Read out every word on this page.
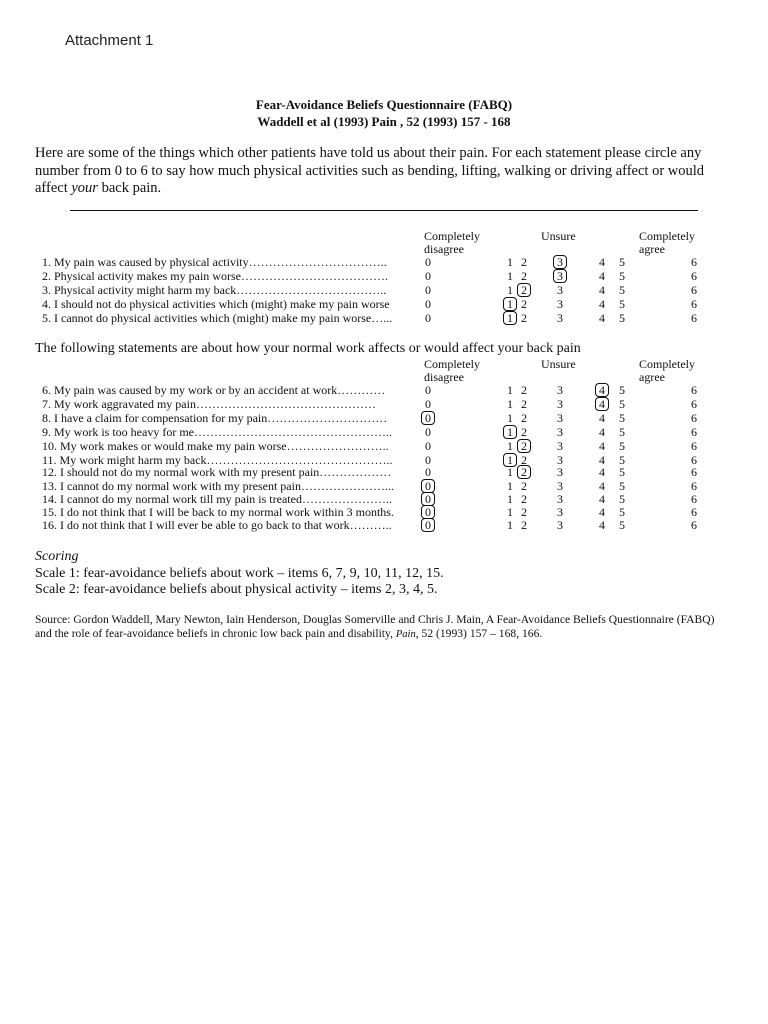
Attachment 1
Fear-Avoidance Beliefs Questionnaire (FABQ)
Waddell et al (1993) Pain , 52 (1993) 157 - 168
Here are some of the things which other patients have told us about their pain. For each statement please circle any number from 0 to 6 to say how much physical activities such as bending, lifting, walking or driving affect or would affect your back pain.
Completely
disagree
Unsure	Completely
agree
1. My pain was caused by physical activity……………………………..	0	1 2	3	4 5	6
2. Physical activity makes my pain worse……………………………….	0	1 2	3	4 5	6
3. Physical activity might harm my back………………………………..	0	1 2	3	4 5	6
4. I should not do physical activities which (might) make my pain worse	0	1 2	3	4 5	6
5. I cannot do physical activities which (might) make my pain worse…...	0	1 2	3	4 5	6
The following statements are about how your normal work affects or would affect your back pain
Completely
disagree
Unsure	Completely
agree
6. My pain was caused by my work or by an accident at work…………	0	1 2	3	4 5	6
7. My work aggravated my pain………………………………………	0	1 2	3	4 5	6
8. I have a claim for compensation for my pain…………………………	0	1 2	3	4 5	6
9. My work is too heavy for me…………………………………………..	0	1 2	3	4 5	6
10. My work makes or would make my pain worse……………………..	0	1 2	3	4 5	6
11. My work might harm my back………………………………………..	0	1 2	3	4 5	6
12. I should not do my normal work with my present pain………………	0	1 2	3	4 5	6
13. I cannot do my normal work with my present pain…………………...	0	1 2	3	4 5	6
14. I cannot do my normal work till my pain is treated…………………..	0	1 2	3	4 5	6
15. I do not think that I will be back to my normal work within 3 months.	0	1 2	3	4 5	6
16. I do not think that I will ever be able to go back to that work………..	0	1 2	3	4 5	6
Scoring
Scale 1: fear-avoidance beliefs about work – items 6, 7, 9, 10, 11, 12, 15.
Scale 2: fear-avoidance beliefs about physical activity – items 2, 3, 4, 5.
Source: Gordon Waddell, Mary Newton, Iain Henderson, Douglas Somerville and Chris J. Main, A Fear-Avoidance Beliefs Questionnaire (FABQ) and the role of fear-avoidance beliefs in chronic low back pain and disability, Pain, 52 (1993) 157 – 168, 166.
